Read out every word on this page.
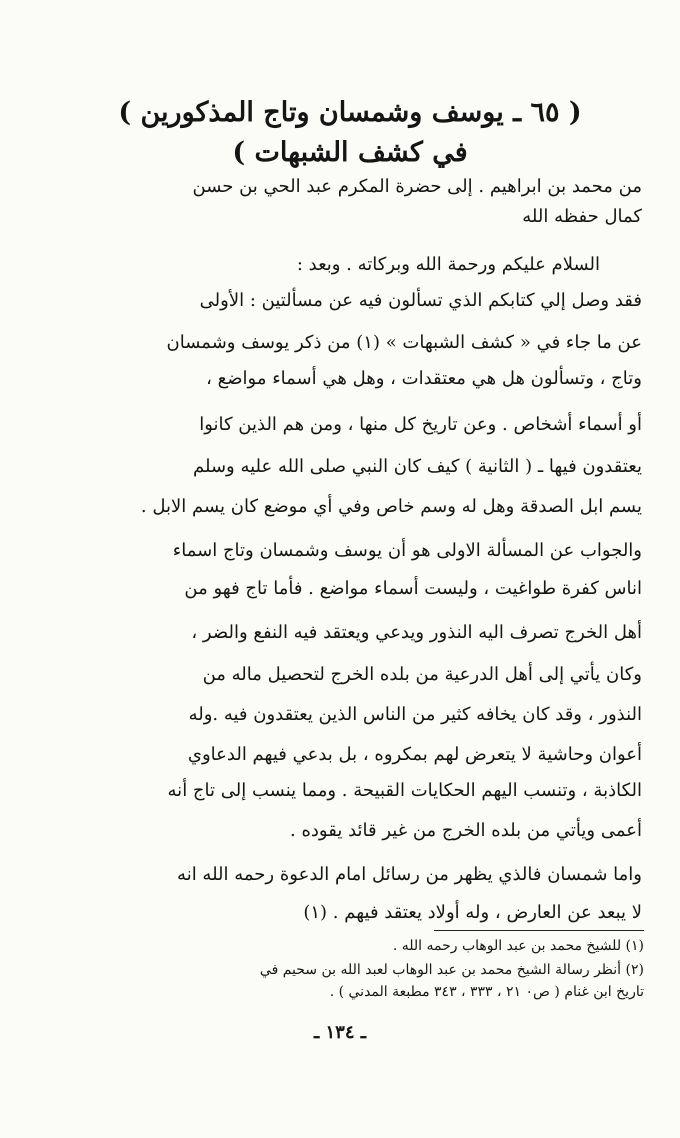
( ٦٥ ـ يوسف وشمسان وتاج المذكورين )
في كشف الشبهات )
من محمد بن ابراهيم . إلى حضرة المكرم عبد الحي بن حسن
كمال حفظه الله
السلام عليكم ورحمة الله وبركاته . وبعد :
فقد وصل إلي كتابكم الذي تسألون فيه عن مسألتين : الأولى
عن ما جاء في « كشف الشبهات » (١) من ذكر يوسف وشمسان
وتاج ، وتسألون هل هي معتقدات ، وهل هي أسماء مواضع ،
أو أسماء أشخاص . وعن تاريخ كل منها ، ومن هم الذين كانوا
يعتقدون فيها ـ ( الثانية ) كيف كان النبي صلى الله عليه وسلم
يسم ابل الصدقة وهل له وسم خاص وفي أي موضع كان يسم الابل .
والجواب عن المسألة الاولى هو أن يوسف وشمسان وتاج اسماء
اناس كفرة طواغيت ، وليست أسماء مواضع . فأما تاج فهو من
أهل الخرج تصرف اليه النذور ويدعي ويعتقد فيه النفع والضر ،
وكان يأتي إلى أهل الدرعية من بلده الخرج لتحصيل ماله من
النذور ، وقد كان يخافه كثير من الناس الذين يعتقدون فيه .وله
أعوان وحاشية لا يتعرض لهم بمكروه ، بل بدعي فيهم الدعاوي
الكاذبة ، وتنسب اليهم الحكايات القبيحة . ومما ينسب إلى تاج أنه
أعمى ويأتي من بلده الخرج من غير قائد يقوده .
واما شمسان فالذي يظهر من رسائل امام الدعوة رحمه الله انه
لا يبعد عن العارض ، وله أولاد يعتقد فيهم . (١)
(١) للشيخ محمد بن عبد الوهاب رحمه الله .
(٢) أنظر رسالة الشيخ محمد بن عبد الوهاب لعبد الله بن سحيم في
تاريخ ابن غنام ( ص٠ ٢١ ، ٣٣٣ ، ٣٤٣ مطبعة المدني ) .
ـ ١٣٤ ـ
